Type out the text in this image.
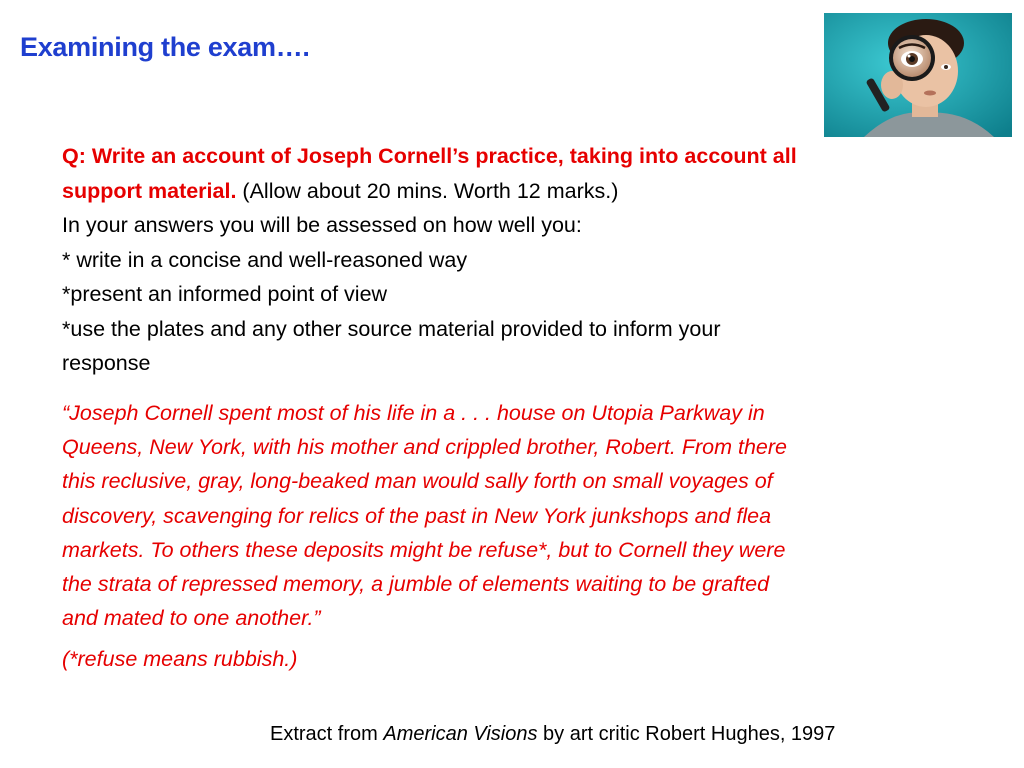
Examining the exam….
Q: Write an account of Joseph Cornell’s practice, taking into account all
support material. (Allow about 20 mins. Worth 12 marks.)
In your answers you will be assessed on how well you:
* write in a concise and well-reasoned way
*present an informed point of view
*use the plates and any other source material provided to inform your
response
“Joseph Cornell spent most of his life in a . . . house on Utopia Parkway in
Queens, New York, with his mother and crippled brother, Robert. From there
this reclusive, gray, long-beaked man would sally forth on small voyages of
discovery, scavenging for relics of the past in New York junkshops and flea
markets. To others these deposits might be refuse*, but to Cornell they were
the strata of repressed memory, a jumble of elements waiting to be grafted
and mated to one another.”
(*refuse means rubbish.)
Extract from American Visions by art critic Robert Hughes, 1997
